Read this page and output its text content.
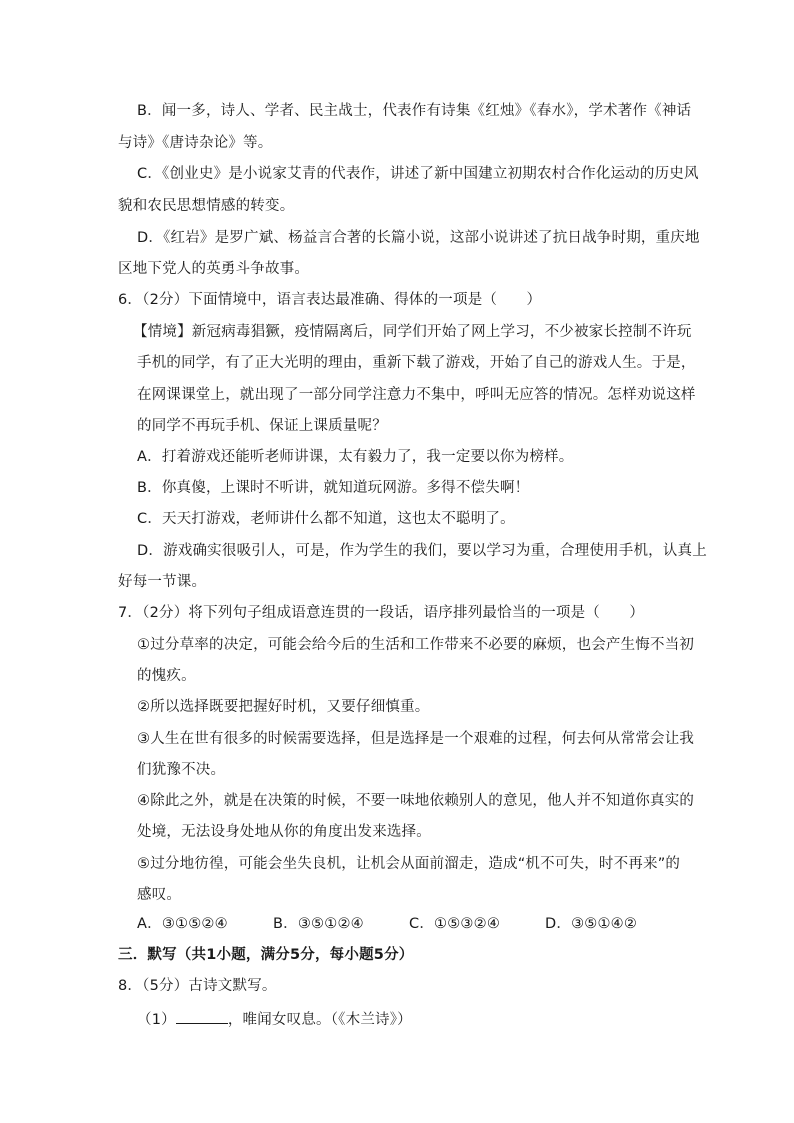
B．闻一多，诗人、学者、民主战士，代表作有诗集《红烛》《春水》，学术著作《神话
与诗》《唐诗杂论》等。
C．《创业史》是小说家艾青的代表作，讲述了新中国建立初期农村合作化运动的历史风
貌和农民思想情感的转变。
D．《红岩》是罗广斌、杨益言合著的长篇小说，这部小说讲述了抗日战争时期，重庆地
区地下党人的英勇斗争故事。
6．（2分）下面情境中，语言表达最准确、得体的一项是（　　）
【情境】新冠病毒猖獗，疫情隔离后，同学们开始了网上学习，不少被家长控制不许玩
手机的同学，有了正大光明的理由，重新下载了游戏，开始了自己的游戏人生。于是，
在网课课堂上，就出现了一部分同学注意力不集中，呼叫无应答的情况。怎样劝说这样
的同学不再玩手机、保证上课质量呢？
A．打着游戏还能听老师讲课，太有毅力了，我一定要以你为榜样。
B．你真傻，上课时不听讲，就知道玩网游。多得不偿失啊！
C．天天打游戏，老师讲什么都不知道，这也太不聪明了。
D．游戏确实很吸引人，可是，作为学生的我们，要以学习为重，合理使用手机，认真上
好每一节课。
7．（2分）将下列句子组成语意连贯的一段话，语序排列最恰当的一项是（　　）
①过分草率的决定，可能会给今后的生活和工作带来不必要的麻烦，也会产生悔不当初
的愧疚。
②所以选择既要把握好时机，又要仔细慎重。
③人生在世有很多的时候需要选择，但是选择是一个艰难的过程，何去何从常常会让我
们犹豫不决。
④除此之外，就是在决策的时候，不要一味地依赖别人的意见，他人并不知道你真实的
处境，无法设身处地从你的角度出发来选择。
⑤过分地彷徨，可能会坐失良机，让机会从面前溜走，造成“机不可失，时不再来”的
感叹。
A．③①⑤②④	B．③⑤①②④	C．①⑤③②④	D．③⑤①④②
三．默写（共1小题，满分5分，每小题5分）
8．（5分）古诗文默写。
（1）	，唯闻女叹息。（《木兰诗》）
